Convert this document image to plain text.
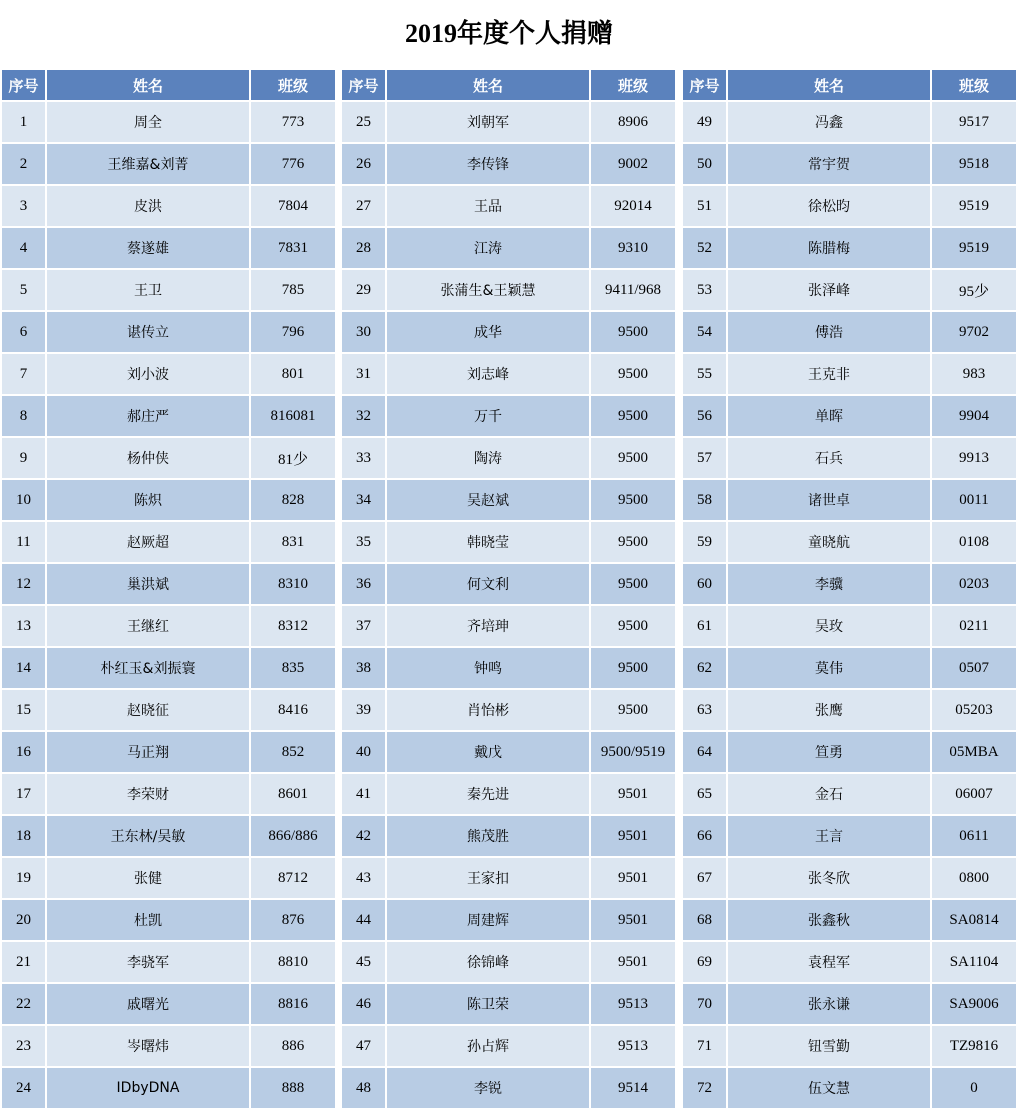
2019年度个人捐赠
序号	姓名	班级
1	周全	773
2	王维嘉&刘菁	776
3	皮洪	7804
4	蔡遂雄	7831
5	王卫	785
6	谌传立	796
7	刘小波	801
8	郝庄严	816081
9	杨仲侠	81少
10	陈炽	828
11	赵厥超	831
12	巢洪斌	8310
13	王继红	8312
14	朴红玉&刘振寰	835
15	赵晓征	8416
16	马正翔	852
17	李荣财	8601
18	王东林/吴敏	866/886
19	张健	8712
20	杜凯	876
21	李骁军	8810
22	戚曙光	8816
23	岑曙炜	886
24	IDbyDNA	888
序号	姓名	班级
25	刘朝军	8906
26	李传锋	9002
27	王品	92014
28	江涛	9310
29	张蒲生&王颖慧	9411/968
30	成华	9500
31	刘志峰	9500
32	万千	9500
33	陶涛	9500
34	吴赵斌	9500
35	韩晓莹	9500
36	何文利	9500
37	齐培珅	9500
38	钟鸣	9500
39	肖怡彬	9500
40	戴戊	9500/9519
41	秦先进	9501
42	熊茂胜	9501
43	王家扣	9501
44	周建辉	9501
45	徐锦峰	9501
46	陈卫荣	9513
47	孙占辉	9513
48	李锐	9514
序号	姓名	班级
49	冯鑫	9517
50	常宇贺	9518
51	徐松昀	9519
52	陈腊梅	9519
53	张泽峰	95少
54	傅浩	9702
55	王克非	983
56	单晖	9904
57	石兵	9913
58	诸世卓	0011
59	童晓航	0108
60	李骥	0203
61	吴玫	0211
62	莫伟	0507
63	张鹰	05203
64	笪勇	05MBA
65	金石	06007
66	王言	0611
67	张冬欣	0800
68	张鑫秋	SA0814
69	袁程军	SA1104
70	张永谦	SA9006
71	钮雪勤	TZ9816
72	伍文慧	0
